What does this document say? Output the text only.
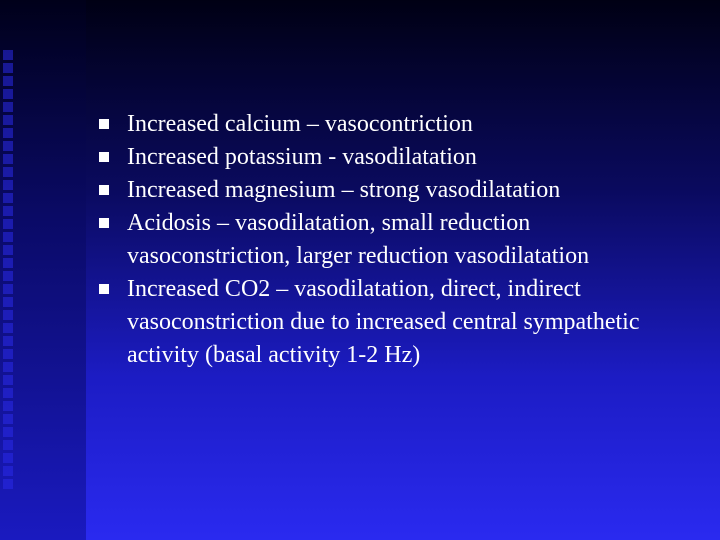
Increased calcium – vasocontriction
Increased potassium - vasodilatation
Increased magnesium – strong vasodilatation
Acidosis – vasodilatation, small reduction vasoconstriction, larger reduction vasodilatation
Increased CO2 – vasodilatation, direct, indirect vasoconstriction due to increased central sympathetic activity (basal activity 1-2 Hz)
